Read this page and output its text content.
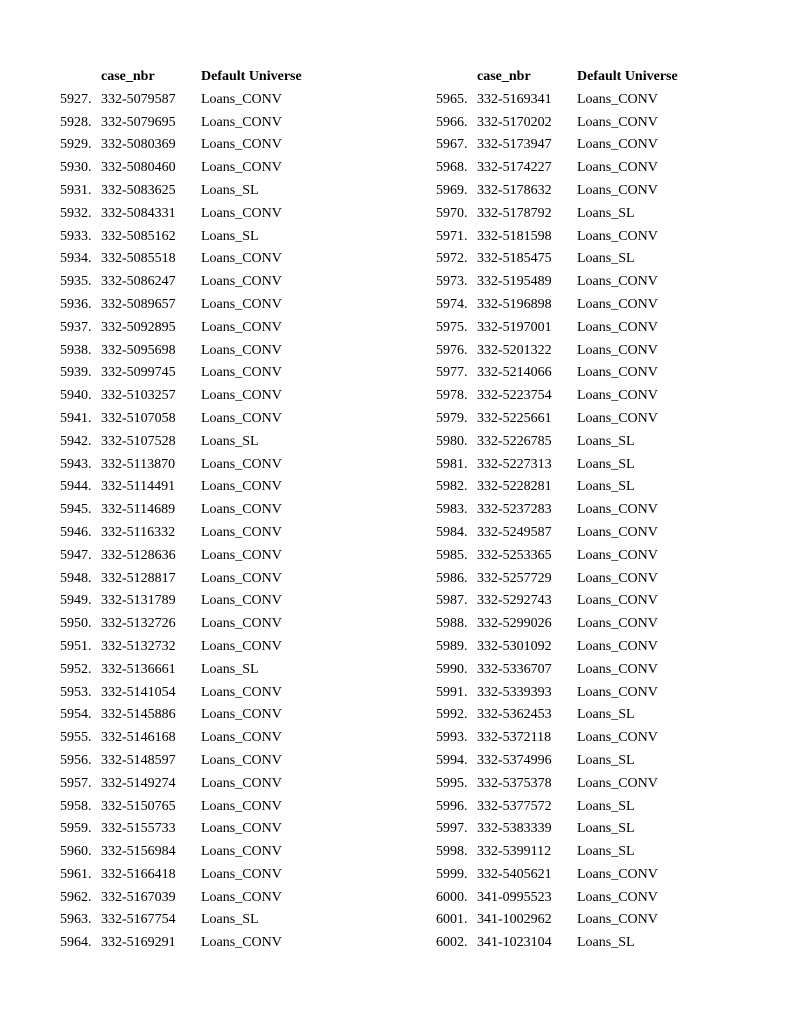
case_nbr	Default Universe
5927. 332-5079587 Loans_CONV
5928. 332-5079695 Loans_CONV
5929. 332-5080369 Loans_CONV
5930. 332-5080460 Loans_CONV
5931. 332-5083625 Loans_SL
5932. 332-5084331 Loans_CONV
5933. 332-5085162 Loans_SL
5934. 332-5085518 Loans_CONV
5935. 332-5086247 Loans_CONV
5936. 332-5089657 Loans_CONV
5937. 332-5092895 Loans_CONV
5938. 332-5095698 Loans_CONV
5939. 332-5099745 Loans_CONV
5940. 332-5103257 Loans_CONV
5941. 332-5107058 Loans_CONV
5942. 332-5107528 Loans_SL
5943. 332-5113870 Loans_CONV
5944. 332-5114491 Loans_CONV
5945. 332-5114689 Loans_CONV
5946. 332-5116332 Loans_CONV
5947. 332-5128636 Loans_CONV
5948. 332-5128817 Loans_CONV
5949. 332-5131789 Loans_CONV
5950. 332-5132726 Loans_CONV
5951. 332-5132732 Loans_CONV
5952. 332-5136661 Loans_SL
5953. 332-5141054 Loans_CONV
5954. 332-5145886 Loans_CONV
5955. 332-5146168 Loans_CONV
5956. 332-5148597 Loans_CONV
5957. 332-5149274 Loans_CONV
5958. 332-5150765 Loans_CONV
5959. 332-5155733 Loans_CONV
5960. 332-5156984 Loans_CONV
5961. 332-5166418 Loans_CONV
5962. 332-5167039 Loans_CONV
5963. 332-5167754 Loans_SL
5964. 332-5169291 Loans_CONV
case_nbr	Default Universe
5965. 332-5169341 Loans_CONV
5966. 332-5170202 Loans_CONV
5967. 332-5173947 Loans_CONV
5968. 332-5174227 Loans_CONV
5969. 332-5178632 Loans_CONV
5970. 332-5178792 Loans_SL
5971. 332-5181598 Loans_CONV
5972. 332-5185475 Loans_SL
5973. 332-5195489 Loans_CONV
5974. 332-5196898 Loans_CONV
5975. 332-5197001 Loans_CONV
5976. 332-5201322 Loans_CONV
5977. 332-5214066 Loans_CONV
5978. 332-5223754 Loans_CONV
5979. 332-5225661 Loans_CONV
5980. 332-5226785 Loans_SL
5981. 332-5227313 Loans_SL
5982. 332-5228281 Loans_SL
5983. 332-5237283 Loans_CONV
5984. 332-5249587 Loans_CONV
5985. 332-5253365 Loans_CONV
5986. 332-5257729 Loans_CONV
5987. 332-5292743 Loans_CONV
5988. 332-5299026 Loans_CONV
5989. 332-5301092 Loans_CONV
5990. 332-5336707 Loans_CONV
5991. 332-5339393 Loans_CONV
5992. 332-5362453 Loans_SL
5993. 332-5372118 Loans_CONV
5994. 332-5374996 Loans_SL
5995. 332-5375378 Loans_CONV
5996. 332-5377572 Loans_SL
5997. 332-5383339 Loans_SL
5998. 332-5399112 Loans_SL
5999. 332-5405621 Loans_CONV
6000. 341-0995523 Loans_CONV
6001. 341-1002962 Loans_CONV
6002. 341-1023104 Loans_SL
